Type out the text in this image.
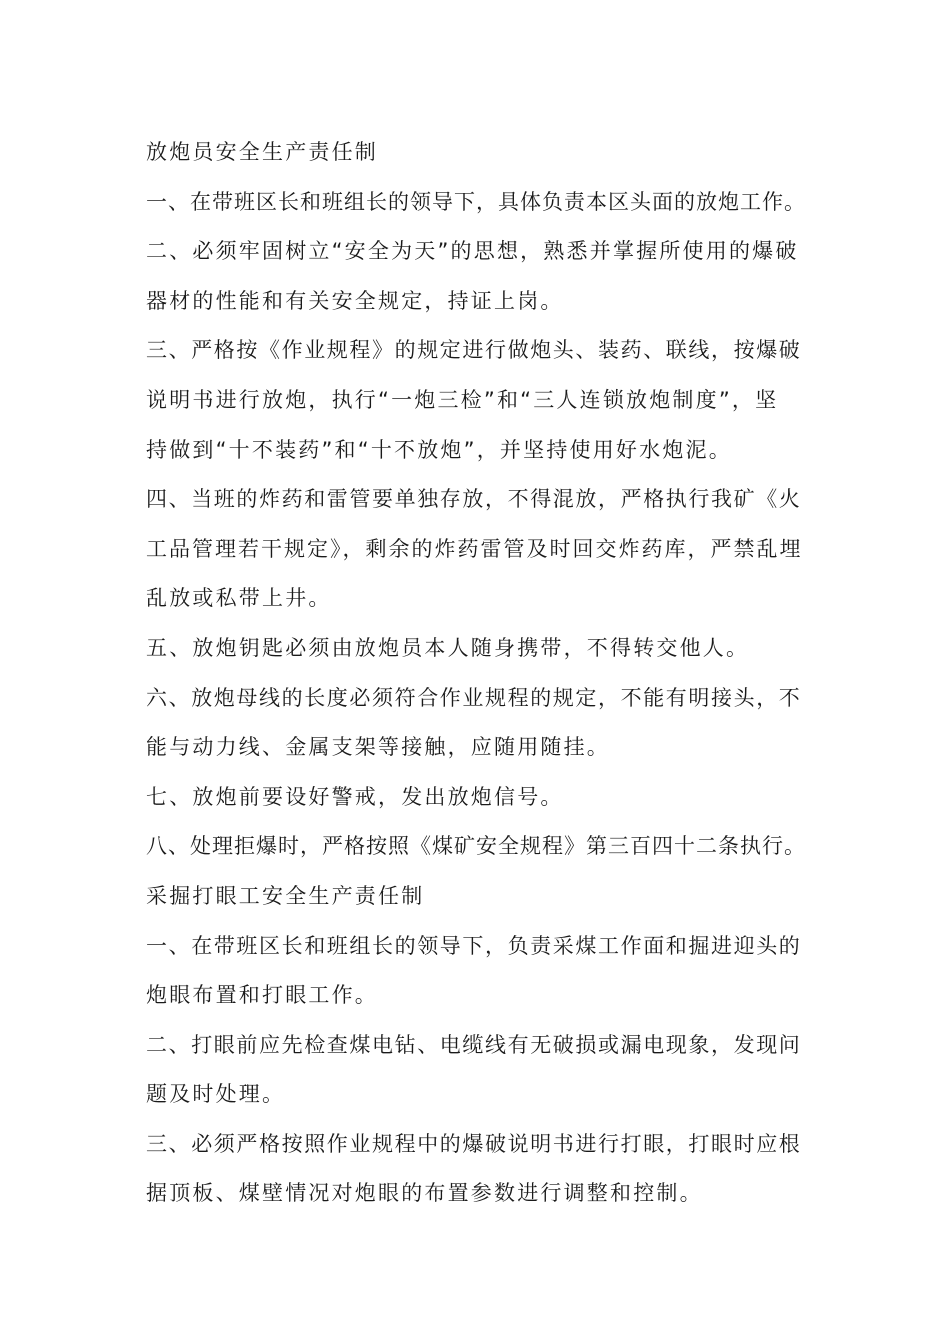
放炮员安全生产责任制
一、在带班区长和班组长的领导下，具体负责本区头面的放炮工作。
二、必须牢固树立“安全为天”的思想，熟悉并掌握所使用的爆破
器材的性能和有关安全规定，持证上岗。
三、严格按《作业规程》的规定进行做炮头、装药、联线，按爆破
说明书进行放炮，执行“一炮三检”和“三人连锁放炮制度”，坚
持做到“十不装药”和“十不放炮”，并坚持使用好水炮泥。
四、当班的炸药和雷管要单独存放，不得混放，严格执行我矿《火
工品管理若干规定》，剩余的炸药雷管及时回交炸药库，严禁乱埋
乱放或私带上井。
五、放炮钥匙必须由放炮员本人随身携带，不得转交他人。
六、放炮母线的长度必须符合作业规程的规定，不能有明接头，不
能与动力线、金属支架等接触，应随用随挂。
七、放炮前要设好警戒，发出放炮信号。
八、处理拒爆时，严格按照《煤矿安全规程》第三百四十二条执行。
采掘打眼工安全生产责任制
一、在带班区长和班组长的领导下，负责采煤工作面和掘进迎头的
炮眼布置和打眼工作。
二、打眼前应先检查煤电钻、电缆线有无破损或漏电现象，发现问
题及时处理。
三、必须严格按照作业规程中的爆破说明书进行打眼，打眼时应根
据顶板、煤壁情况对炮眼的布置参数进行调整和控制。
